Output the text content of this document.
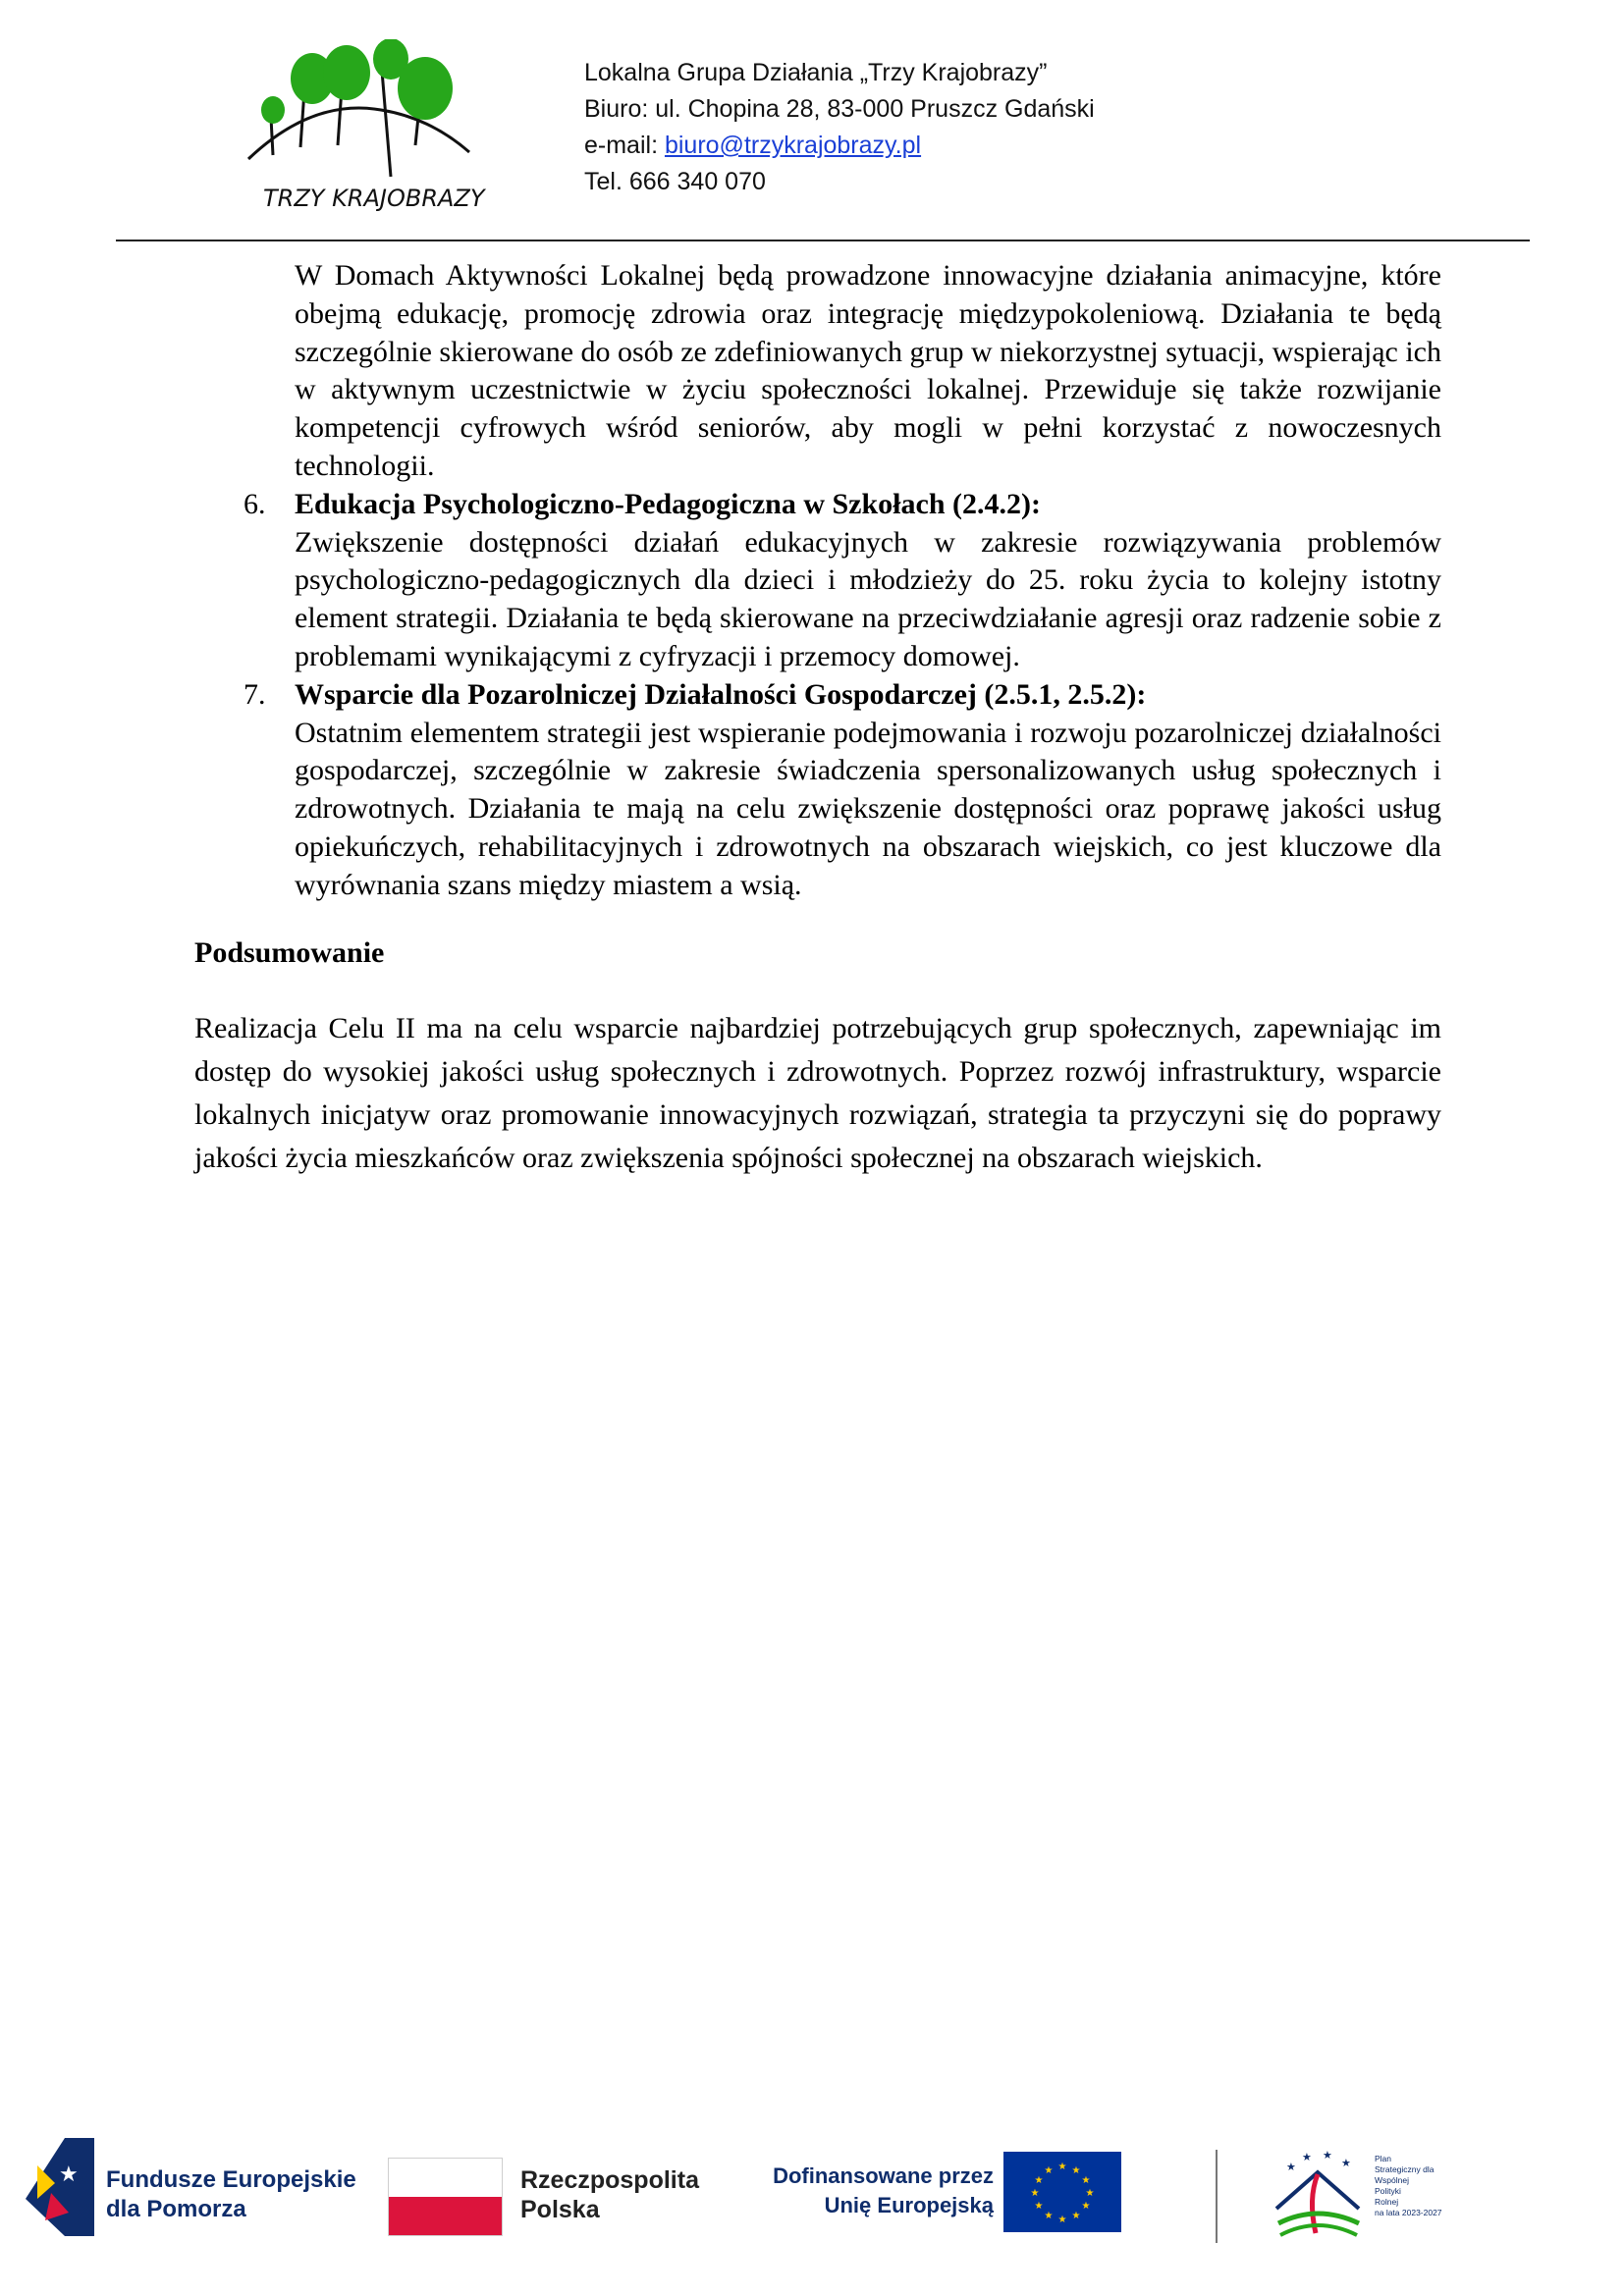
TRZY KRAJOBRAZY
Lokalna Grupa Działania „Trzy Krajobrazy”
Biuro: ul. Chopina 28, 83-000 Pruszcz Gdański
e-mail: biuro@trzykrajobrazy.pl
Tel. 666 340 070

W Domach Aktywności Lokalnej będą prowadzone innowacyjne działania animacyjne, które obejmą edukację, promocję zdrowia oraz integrację międzypokoleniową. Działania te będą szczególnie skierowane do osób ze zdefiniowanych grup w niekorzystnej sytuacji, wspierając ich w aktywnym uczestnictwie w życiu społeczności lokalnej. Przewiduje się także rozwijanie kompetencji cyfrowych wśród seniorów, aby mogli w pełni korzystać z nowoczesnych technologii.

6. Edukacja Psychologiczno-Pedagogiczna w Szkołach (2.4.2):
Zwiększenie dostępności działań edukacyjnych w zakresie rozwiązywania problemów psychologiczno-pedagogicznych dla dzieci i młodzieży do 25. roku życia to kolejny istotny element strategii. Działania te będą skierowane na przeciwdziałanie agresji oraz radzenie sobie z problemami wynikającymi z cyfryzacji i przemocy domowej.
7. Wsparcie dla Pozarolniczej Działalności Gospodarczej (2.5.1, 2.5.2):
Ostatnim elementem strategii jest wspieranie podejmowania i rozwoju pozarolniczej działalności gospodarczej, szczególnie w zakresie świadczenia spersonalizowanych usług społecznych i zdrowotnych. Działania te mają na celu zwiększenie dostępności oraz poprawę jakości usług opiekuńczych, rehabilitacyjnych i zdrowotnych na obszarach wiejskich, co jest kluczowe dla wyrównania szans między miastem a wsią.
Podsumowanie

Realizacja Celu II ma na celu wsparcie najbardziej potrzebujących grup społecznych, zapewniając im dostęp do wysokiej jakości usług społecznych i zdrowotnych. Poprzez rozwój infrastruktury, wsparcie lokalnych inicjatyw oraz promowanie innowacyjnych rozwiązań, strategia ta przyczyni się do poprawy jakości życia mieszkańców oraz zwiększenia spójności społecznej na obszarach wiejskich.

★ Fundusze Europejskie
dla Pomorza
Rzeczpospolita
Polska
Dofinansowane przez
Unię Europejską
★ ★
★
★
★
★
★
★
★
★
★
★	★
★ ★
★	Plan
Strategiczny dla
Wspólnej
Polityki
Rolnej
na lata 2023-2027
